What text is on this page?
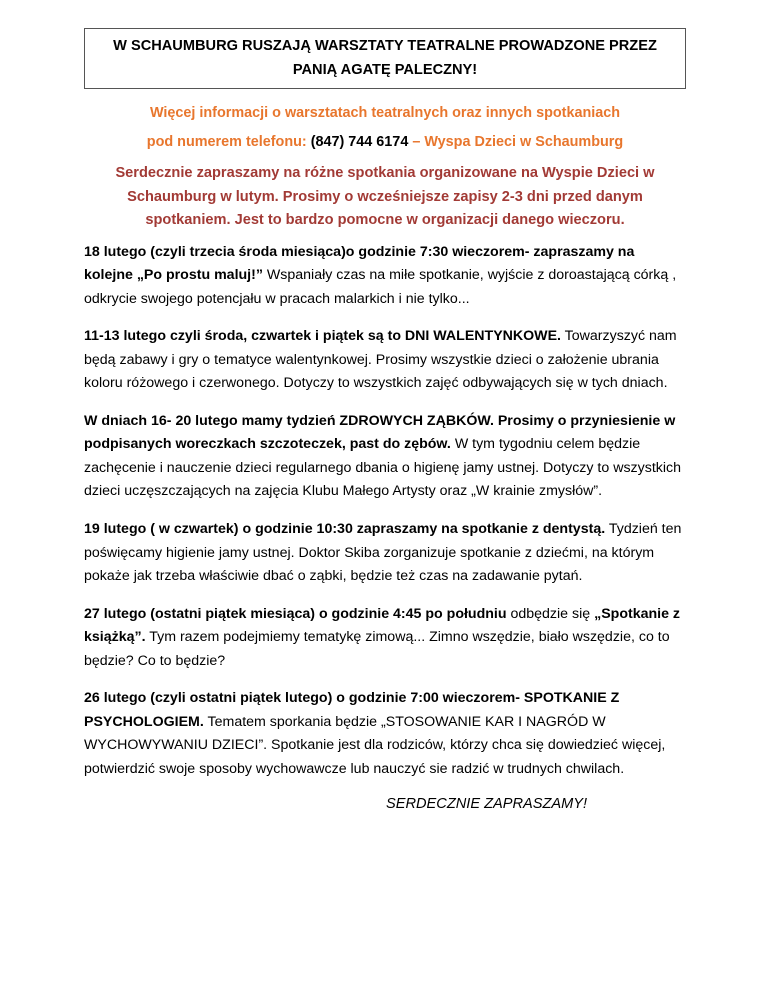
W SCHAUMBURG RUSZAJĄ WARSZTATY TEATRALNE PROWADZONE PRZEZ PANIĄ AGATĘ PALECZNY!
Więcej informacji o warsztatach teatralnych oraz innych spotkaniach
pod numerem telefonu: (847) 744 6174 – Wyspa Dzieci w Schaumburg
Serdecznie zapraszamy na różne spotkania organizowane na Wyspie Dzieci w Schaumburg w lutym. Prosimy o wcześniejsze zapisy 2-3 dni przed danym spotkaniem. Jest to bardzo pomocne w organizacji danego wieczoru.

18 lutego (czyli trzecia środa miesiąca)o godzinie 7:30 wieczorem- zapraszamy na kolejne „Po prostu maluj!” Wspaniały czas na miłe spotkanie, wyjście z doroastającą córką , odkrycie swojego potencjału w pracach malarkich i nie tylko...

11-13 lutego czyli środa, czwartek i piątek są to DNI WALENTYNKOWE. Towarzyszyć nam będą zabawy i gry o tematyce walentynkowej. Prosimy wszystkie dzieci o założenie ubrania koloru różowego i czerwonego. Dotyczy to wszystkich zajęć odbywających się w tych dniach.

W dniach 16- 20 lutego mamy tydzień ZDROWYCH ZĄBKÓW. Prosimy o przyniesienie w podpisanych woreczkach szczoteczek, past do zębów. W tym tygodniu celem będzie zachęcenie i nauczenie dzieci regularnego dbania o higienę jamy ustnej. Dotyczy to wszystkich dzieci uczęszczających na zajęcia Klubu Małego Artysty oraz „W krainie zmysłów”.

19 lutego ( w czwartek) o godzinie 10:30 zapraszamy na spotkanie z dentystą. Tydzień ten poświęcamy higienie jamy ustnej. Doktor Skiba zorganizuje spotkanie z dziećmi, na którym pokaże jak trzeba właściwie dbać o ząbki, będzie też czas na zadawanie pytań.

27 lutego (ostatni piątek miesiąca) o godzinie 4:45 po południu odbędzie się „Spotkanie z książką”. Tym razem podejmiemy tematykę zimową... Zimno wszędzie, biało wszędzie, co to będzie? Co to będzie?

26 lutego (czyli ostatni piątek lutego) o godzinie 7:00 wieczorem- SPOTKANIE Z PSYCHOLOGIEM. Tematem sporkania będzie „STOSOWANIE KAR I NAGRÓD W WYCHOWYWANIU DZIECI”. Spotkanie jest dla rodziców, którzy chca się dowiedzieć więcej, potwierdzić swoje sposoby wychowawcze lub nauczyć sie radzić w trudnych chwilach.

SERDECZNIE ZAPRASZAMY!
